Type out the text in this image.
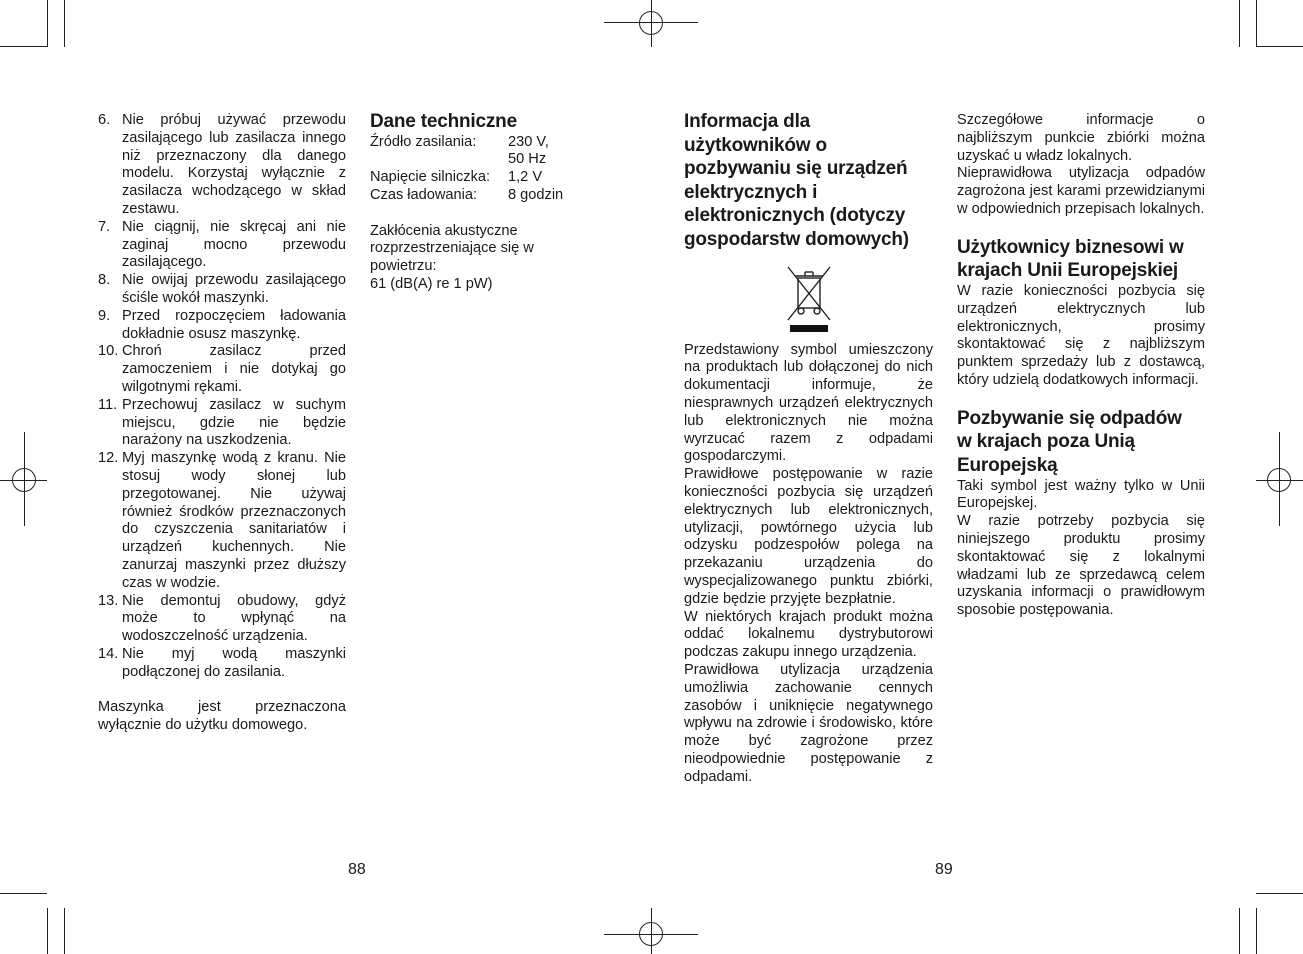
6. Nie próbuj używać przewodu zasilającego lub zasilacza innego niż przeznaczony dla danego modelu. Korzystaj wyłącznie z zasilacza wchodzącego w skład zestawu.
7. Nie ciągnij, nie skręcaj ani nie zaginaj mocno przewodu zasilającego.
8. Nie owijaj przewodu zasilającego ściśle wokół maszynki.
9. Przed rozpoczęciem ładowania dokładnie osusz maszynkę.
10. Chroń zasilacz przed zamoczeniem i nie dotykaj go wilgotnymi rękami.
11. Przechowuj zasilacz w suchym miejscu, gdzie nie będzie narażony na uszkodzenia.
12. Myj maszynkę wodą z kranu. Nie stosuj wody słonej lub przegotowanej. Nie używaj również środków przeznaczonych do czyszczenia sanitariatów i urządzeń kuchennych. Nie zanurzaj maszynki przez dłuższy czas w wodzie.
13. Nie demontuj obudowy, gdyż może to wpłynąć na wodoszczelność urządzenia.
14. Nie myj wodą maszynki podłączonej do zasilania.

Maszynka jest przeznaczona wyłącznie do użytku domowego.

Dane techniczne
Źródło zasilania:	230 V,
50 Hz
Napięcie silniczka:	1,2 V
Czas ładowania:	8 godzin

Zakłócenia akustyczne rozprzestrzeniające się w powietrzu:

61 (dB(A) re 1 pW)

88	89
Informacja dla użytkowników o pozbywaniu się urządzeń elektrycznych i elektronicznych (dotyczy gospodarstw domowych)

Przedstawiony symbol umieszczony na produktach lub dołączonej do nich dokumentacji informuje, że niesprawnych urządzeń elektrycznych lub elektronicznych nie można wyrzucać razem z odpadami gospodarczymi.

Prawidłowe postępowanie w razie konieczności pozbycia się urządzeń elektrycznych lub elektronicznych, utylizacji, powtórnego użycia lub odzysku podzespołów polega na przekazaniu urządzenia do wyspecjalizowanego punktu zbiórki, gdzie będzie przyjęte bezpłatnie.

W niektórych krajach produkt można oddać lokalnemu dystrybutorowi podczas zakupu innego urządzenia.

Prawidłowa utylizacja urządzenia umożliwia zachowanie cennych zasobów i uniknięcie negatywnego wpływu na zdrowie i środowisko, które może być zagrożone przez nieodpowiednie postępowanie z odpadami.

Szczegółowe informacje o najbliższym punkcie zbiórki można uzyskać u władz lokalnych.

Nieprawidłowa utylizacja odpadów zagrożona jest karami przewidzianymi w odpowiednich przepisach lokalnych.

Użytkownicy biznesowi w krajach Unii Europejskiej

W razie konieczności pozbycia się urządzeń elektrycznych lub elektronicznych, prosimy skontaktować się z najbliższym punktem sprzedaży lub z dostawcą, który udzielą dodatkowych informacji.

Pozbywanie się odpadów w krajach poza Unią Europejską

Taki symbol jest ważny tylko w Unii Europejskej.

W razie potrzeby pozbycia się niniejszego produktu prosimy skontaktować się z lokalnymi władzami lub ze sprzedawcą celem uzyskania informacji o prawidłowym sposobie postępowania.
